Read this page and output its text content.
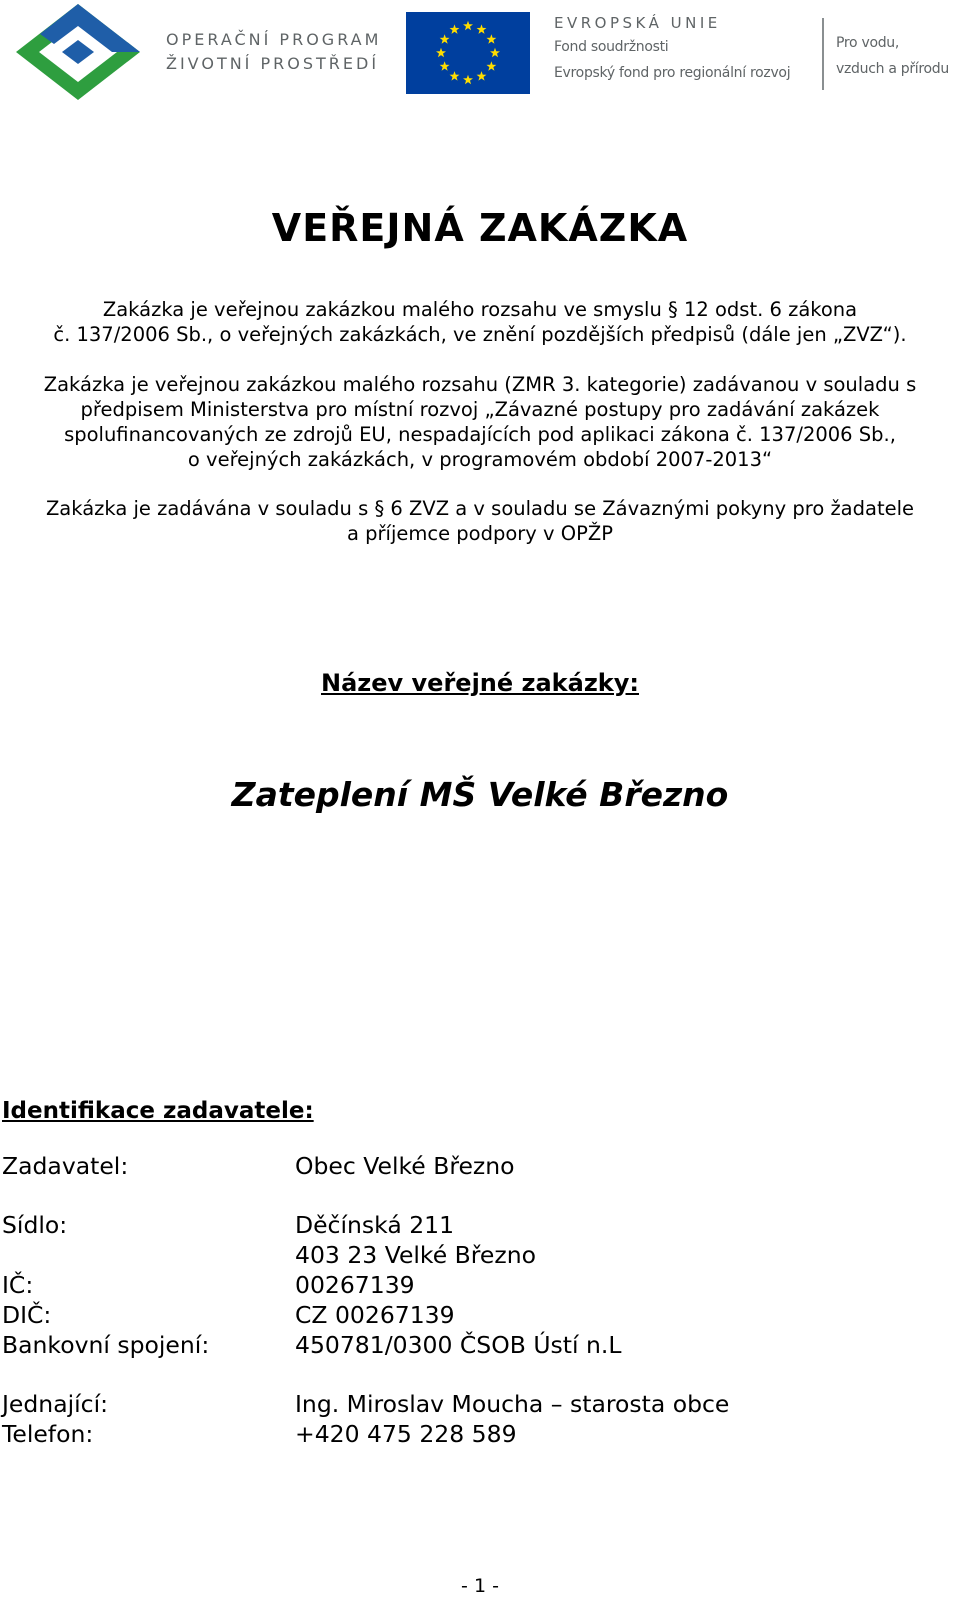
OPERAČNÍ PROGRAM
ŽIVOTNÍ PROSTŘEDÍ
EVROPSKÁ UNIE
Fond soudržnosti
Evropský fond pro regionální rozvoj
Pro vodu,
vzduch a přírodu
VEŘEJNÁ ZAKÁZKA
Zakázka je veřejnou zakázkou malého rozsahu ve smyslu § 12 odst. 6 zákona
č. 137/2006 Sb., o veřejných zakázkách, ve znění pozdějších předpisů (dále jen „ZVZ“).
Zakázka je veřejnou zakázkou malého rozsahu (ZMR 3. kategorie) zadávanou v souladu s
předpisem Ministerstva pro místní rozvoj „Závazné postupy pro zadávání zakázek
spolufinancovaných ze zdrojů EU, nespadajících pod aplikaci zákona č. 137/2006 Sb.,
o veřejných zakázkách, v programovém období 2007-2013“
Zakázka je zadávána v souladu s § 6 ZVZ a v souladu se Závaznými pokyny pro žadatele
a příjemce podpory v OPŽP
Název veřejné zakázky:
Zateplení MŠ Velké Březno
Identifikace zadavatele:
Zadavatel:	Obec Velké Březno
Sídlo:	Děčínská 211
403 23 Velké Březno
IČ:	00267139
DIČ:	CZ 00267139
Bankovní spojení:	450781/0300 ČSOB Ústí n.L
Jednající:	Ing. Miroslav Moucha – starosta obce
Telefon:	+420 475 228 589
- 1 -
